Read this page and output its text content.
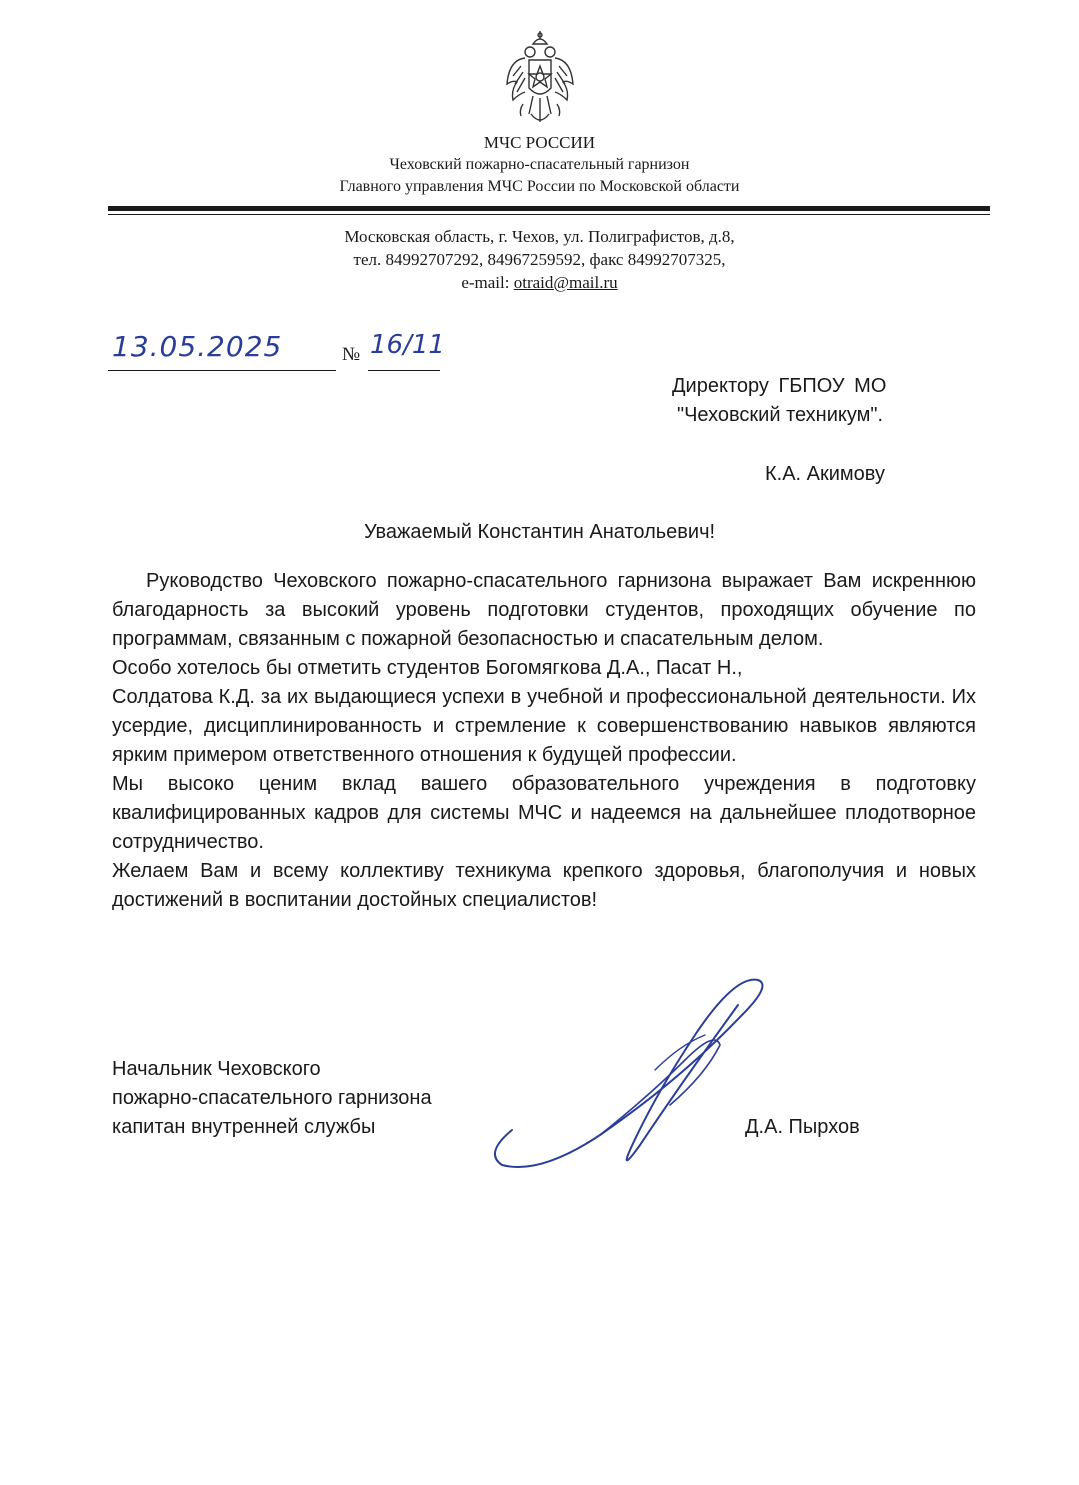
МЧС РОССИИ
Чеховский пожарно-спасательный гарнизон
Главного управления МЧС России по Московской области
Московская область, г. Чехов, ул. Полиграфистов, д.8,
тел. 84992707292, 84967259592, факс 84992707325,
e-mail: otraid@mail.ru
13.05.2025	№ 16/11
Директору ГБПОУ МО
"Чеховский техникум".
К.А. Акимову
Уважаемый Константин Анатольевич!

Руководство Чеховского пожарно-спасательного гарнизона выражает Вам искреннюю благодарность за высокий уровень подготовки студентов, проходящих обучение по программам, связанным с пожарной безопасностью и спасательным делом.

Особо хотелось бы отметить студентов Богомягкова Д.А., Пасат Н.,

Солдатова К.Д. за их выдающиеся успехи в учебной и профессиональной деятельности. Их усердие, дисциплинированность и стремление к совершенствованию навыков являются ярким примером ответственного отношения к будущей профессии.

Мы высоко ценим вклад вашего образовательного учреждения в подготовку квалифицированных кадров для системы МЧС и надеемся на дальнейшее плодотворное сотрудничество.

Желаем Вам и всему коллективу техникума крепкого здоровья, благополучия и новых достижений в воспитании достойных специалистов!

Начальник Чеховского
пожарно-спасательного гарнизона
капитан внутренней службы	Д.А. Пырхов
